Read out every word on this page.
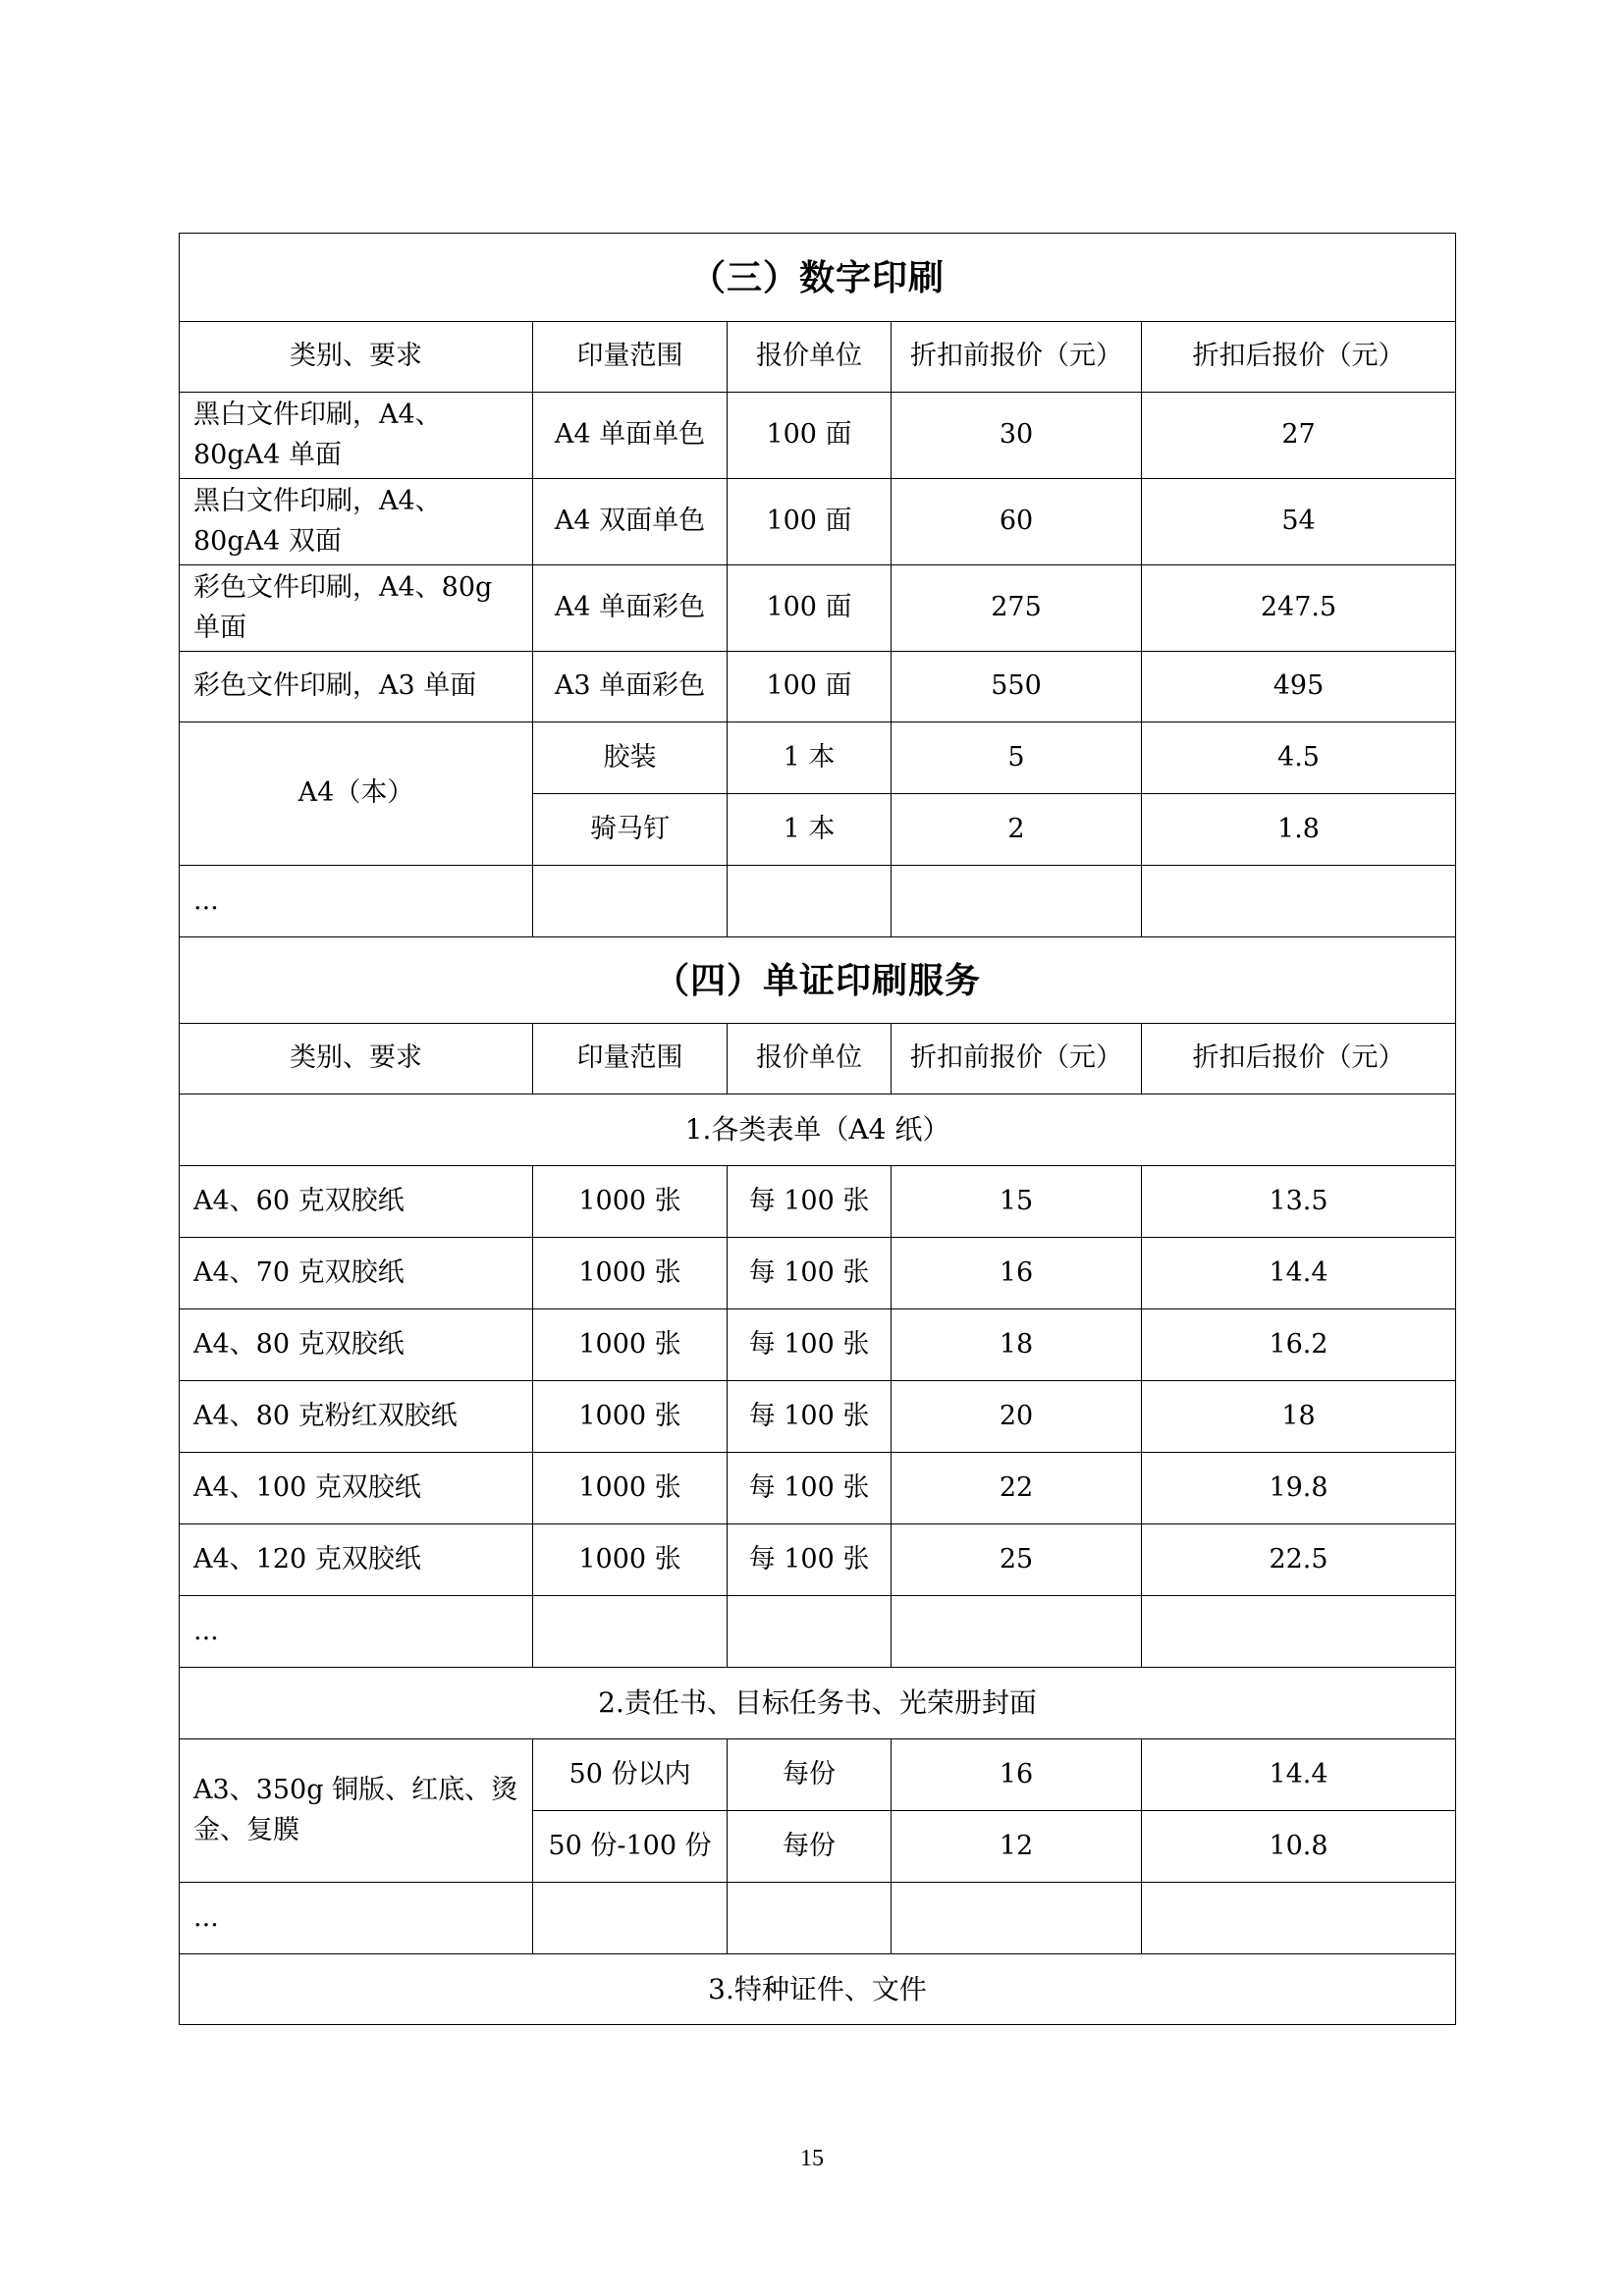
（三）数字印刷				
类别、要求	印量范围	报价单位	折扣前报价（元）	折扣后报价（元）
黑白文件印刷，A4、80gA4 单面	A4 单面单色	100 面	30	27
黑白文件印刷，A4、80gA4 双面	A4 双面单色	100 面	60	54
彩色文件印刷，A4、80g 单面	A4 单面彩色	100 面	275	247.5
彩色文件印刷，A3 单面	A3 单面彩色	100 面	550	495
A4（本）	胶装	1 本	5	4.5
	骑马钉	1 本	2	1.8
...				
（四）单证印刷服务				
类别、要求	印量范围	报价单位	折扣前报价（元）	折扣后报价（元）
1.各类表单（A4 纸）				
A4、60 克双胶纸	1000 张	每 100 张	15	13.5
A4、70 克双胶纸	1000 张	每 100 张	16	14.4
A4、80 克双胶纸	1000 张	每 100 张	18	16.2
A4、80 克粉红双胶纸	1000 张	每 100 张	20	18
A4、100 克双胶纸	1000 张	每 100 张	22	19.8
A4、120 克双胶纸	1000 张	每 100 张	25	22.5
...				
2.责任书、目标任务书、光荣册封面				
A3、350g 铜版、红底、烫金、复膜	50 份以内	每份	16	14.4
	50 份-100 份	每份	12	10.8
...				
3.特种证件、文件				
15
